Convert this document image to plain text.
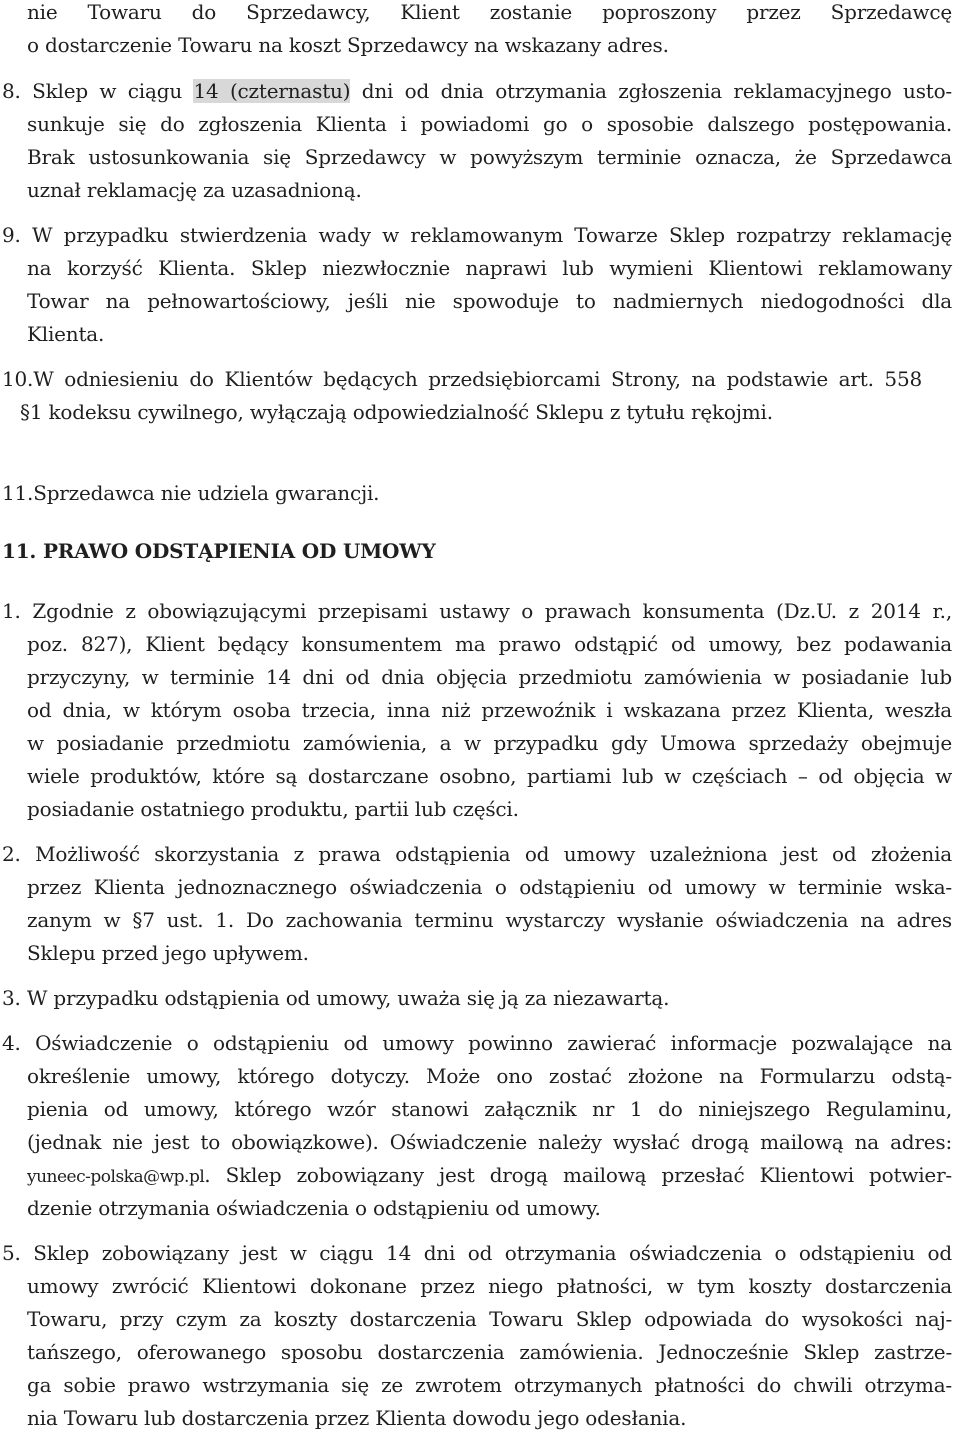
nie Towaru do Sprzedawcy, Klient zostanie poproszony przez Sprzedawcę
o dostarczenie Towaru na koszt Sprzedawcy na wskazany adres.
8. Sklep w ciągu 14 (czternastu) dni od dnia otrzymania zgłoszenia reklamacyjnego usto-
sunkuje się do zgłoszenia Klienta i powiadomi go o sposobie dalszego postępowania.
Brak ustosunkowania się Sprzedawcy w powyższym terminie oznacza, że Sprzedawca
uznał reklamację za uzasadnioną.
9. W przypadku stwierdzenia wady w reklamowanym Towarze Sklep rozpatrzy reklamację
na korzyść Klienta. Sklep niezwłocznie naprawi lub wymieni Klientowi reklamowany
Towar na pełnowartościowy, jeśli nie spowoduje to nadmiernych niedogodności dla
Klienta.
10.W odniesieniu do Klientów będących przedsiębiorcami Strony, na podstawie art. 558
§1 kodeksu cywilnego, wyłączają odpowiedzialność Sklepu z tytułu rękojmi.
11.Sprzedawca nie udziela gwarancji.
11. PRAWO ODSTĄPIENIA OD UMOWY
1. Zgodnie z obowiązującymi przepisami ustawy o prawach konsumenta (Dz.U. z 2014 r.,
poz. 827), Klient będący konsumentem ma prawo odstąpić od umowy, bez podawania
przyczyny, w terminie 14 dni od dnia objęcia przedmiotu zamówienia w posiadanie lub
od dnia, w którym osoba trzecia, inna niż przewoźnik i wskazana przez Klienta, weszła
w posiadanie przedmiotu zamówienia, a w przypadku gdy Umowa sprzedaży obejmuje
wiele produktów, które są dostarczane osobno, partiami lub w częściach – od objęcia w
posiadanie ostatniego produktu, partii lub części.
2. Możliwość skorzystania z prawa odstąpienia od umowy uzależniona jest od złożenia
przez Klienta jednoznacznego oświadczenia o odstąpieniu od umowy w terminie wska-
zanym w §7 ust. 1. Do zachowania terminu wystarczy wysłanie oświadczenia na adres
Sklepu przed jego upływem.
3. W przypadku odstąpienia od umowy, uważa się ją za niezawartą.
4. Oświadczenie o odstąpieniu od umowy powinno zawierać informacje pozwalające na
określenie umowy, którego dotyczy. Może ono zostać złożone na Formularzu odstą-
pienia od umowy, którego wzór stanowi załącznik nr 1 do niniejszego Regulaminu,
(jednak nie jest to obowiązkowe). Oświadczenie należy wysłać drogą mailową na adres:
yuneec-polska@wp.pl. Sklep zobowiązany jest drogą mailową przesłać Klientowi potwier-
dzenie otrzymania oświadczenia o odstąpieniu od umowy.
5. Sklep zobowiązany jest w ciągu 14 dni od otrzymania oświadczenia o odstąpieniu od
umowy zwrócić Klientowi dokonane przez niego płatności, w tym koszty dostarczenia
Towaru, przy czym za koszty dostarczenia Towaru Sklep odpowiada do wysokości naj-
tańszego, oferowanego sposobu dostarczenia zamówienia. Jednocześnie Sklep zastrze-
ga sobie prawo wstrzymania się ze zwrotem otrzymanych płatności do chwili otrzyma-
nia Towaru lub dostarczenia przez Klienta dowodu jego odesłania.
